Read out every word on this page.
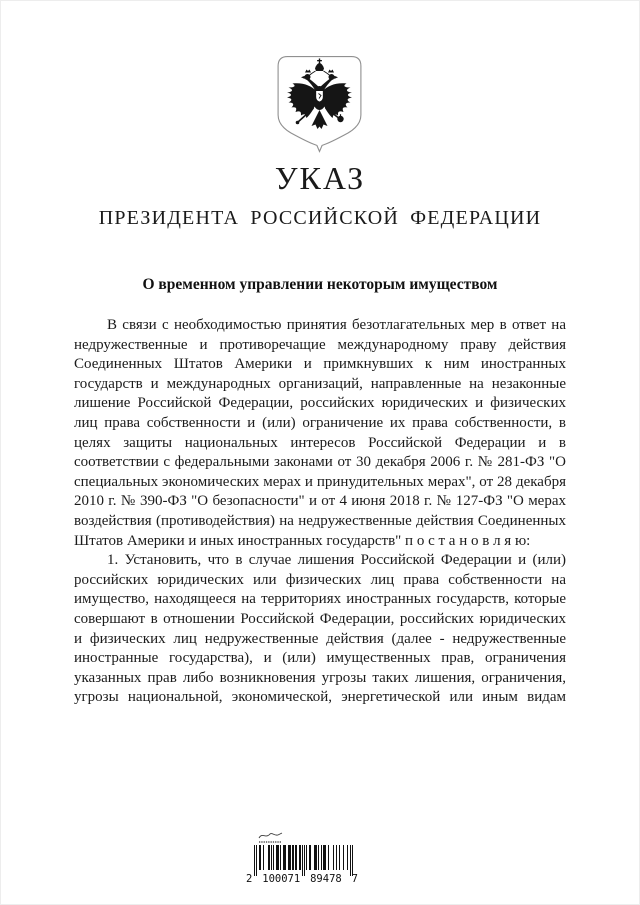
УКАЗ
ПРЕЗИДЕНТА РОССИЙСКОЙ ФЕДЕРАЦИИ
О временном управлении некоторым имуществом

В связи с необходимостью принятия безотлагательных мер в ответ на недружественные и противоречащие международному праву действия Соединенных Штатов Америки и примкнувших к ним иностранных государств и международных организаций, направленные на незаконные лишение Российской Федерации, российских юридических и физических лиц права собственности и (или) ограничение их права собственности, в целях защиты национальных интересов Российской Федерации и в соответствии с федеральными законами от 30 декабря 2006 г. № 281-ФЗ "О специальных экономических мерах и принудительных мерах", от 28 декабря 2010 г. № 390-ФЗ "О безопасности" и от 4 июня 2018 г. № 127-ФЗ "О мерах воздействия (противодействия) на недружественные действия Соединенных Штатов Америки и иных иностранных государств" п о с т а н о в л я ю:

1. Установить, что в случае лишения Российской Федерации и (или) российских юридических или физических лиц права собственности на имущество, находящееся на территориях иностранных государств, которые совершают в отношении Российской Федерации, российских юридических и физических лиц недружественные действия (далее - недружественные иностранные государства), и (или) имущественных прав, ограничения указанных прав либо возникновения угрозы таких лишения, ограничения, угрозы национальной, экономической, энергетической или иным видам

2 100071 89478 7
